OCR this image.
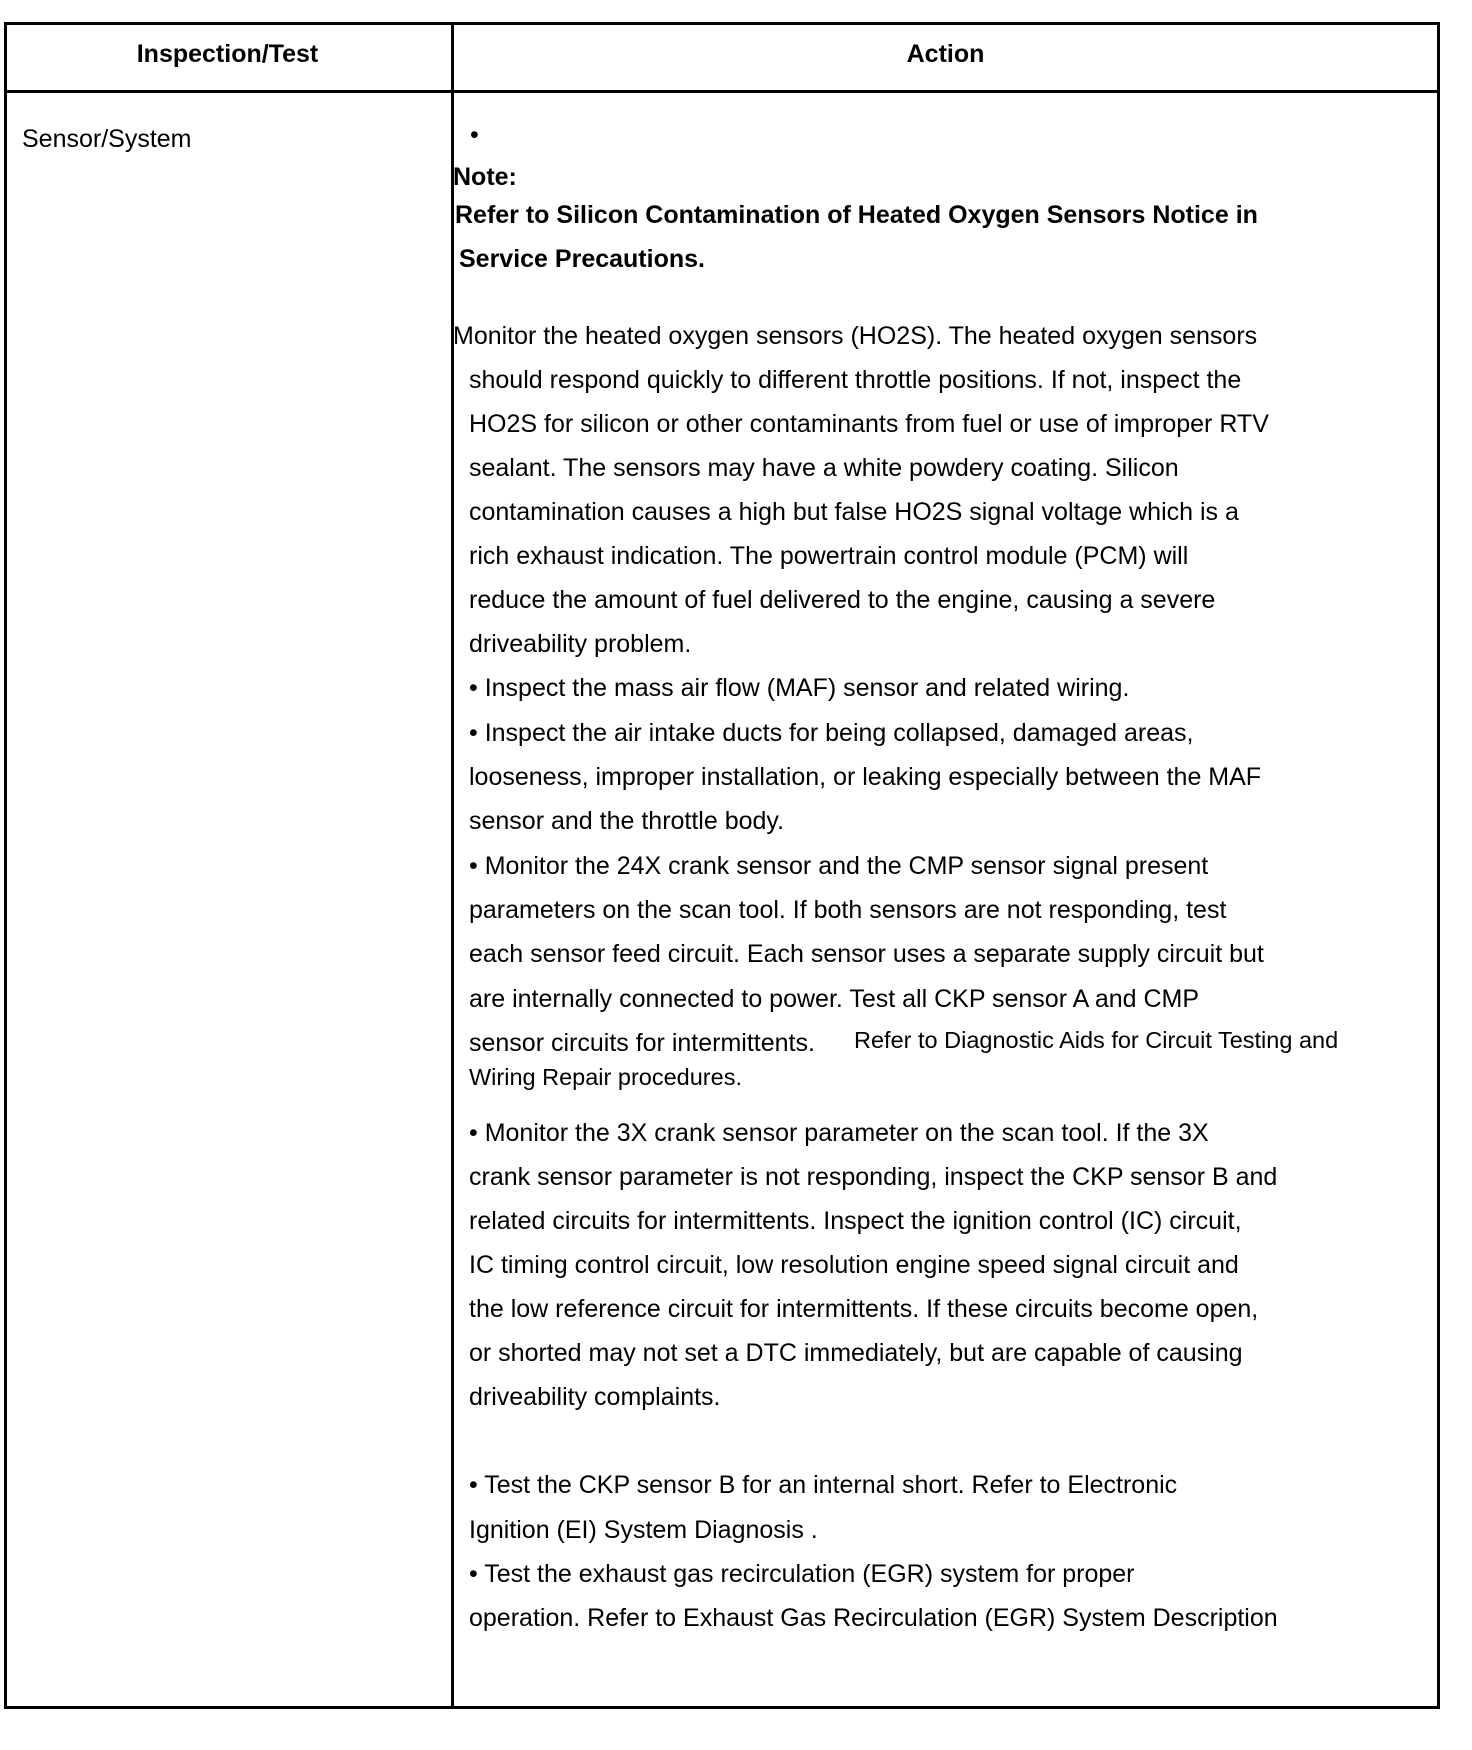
Inspection/Test	Action
Sensor/System	•
Note:
Refer to Silicon Contamination of Heated Oxygen Sensors Notice in
Service Precautions.
Monitor the heated oxygen sensors (HO2S). The heated oxygen sensors
should respond quickly to different throttle positions. If not, inspect the
HO2S for silicon or other contaminants from fuel or use of improper RTV
sealant. The sensors may have a white powdery coating. Silicon
contamination causes a high but false HO2S signal voltage which is a
rich exhaust indication. The powertrain control module (PCM) will
reduce the amount of fuel delivered to the engine, causing a severe
driveability problem.
• Inspect the mass air flow (MAF) sensor and related wiring.
• Inspect the air intake ducts for being collapsed, damaged areas,
looseness, improper installation, or leaking especially between the MAF
sensor and the throttle body.
• Monitor the 24X crank sensor and the CMP sensor signal present
parameters on the scan tool. If both sensors are not responding, test
each sensor feed circuit. Each sensor uses a separate supply circuit but
are internally connected to power. Test all CKP sensor A and CMP
sensor circuits for intermittents. Refer to Diagnostic Aids for Circuit Testing and
Wiring Repair procedures.
• Monitor the 3X crank sensor parameter on the scan tool. If the 3X
crank sensor parameter is not responding, inspect the CKP sensor B and
related circuits for intermittents. Inspect the ignition control (IC) circuit,
IC timing control circuit, low resolution engine speed signal circuit and
the low reference circuit for intermittents. If these circuits become open,
or shorted may not set a DTC immediately, but are capable of causing
driveability complaints.
• Test the CKP sensor B for an internal short. Refer to Electronic
Ignition (EI) System Diagnosis .
• Test the exhaust gas recirculation (EGR) system for proper
operation. Refer to Exhaust Gas Recirculation (EGR) System Description
